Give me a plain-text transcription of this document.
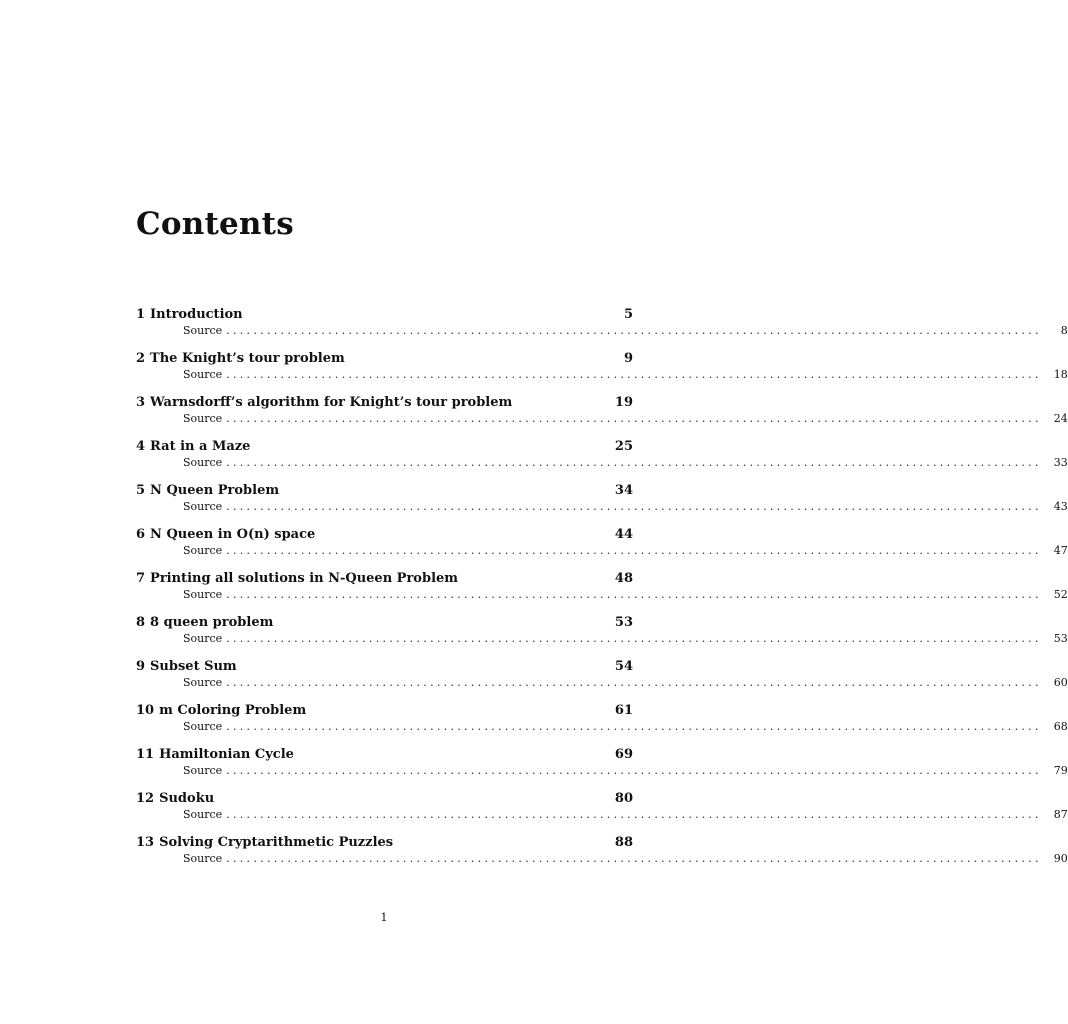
Contents
1 Introduction	5
Source ........................................................................................................................	8
2 The Knight’s tour problem	9
Source ........................................................................................................................	18
3 Warnsdorff’s algorithm for Knight’s tour problem	19
Source ........................................................................................................................	24
4 Rat in a Maze	25
Source ........................................................................................................................	33
5 N Queen Problem	34
Source ........................................................................................................................	43
6 N Queen in O(n) space	44
Source ........................................................................................................................	47
7 Printing all solutions in N-Queen Problem	48
Source ........................................................................................................................	52
8 8 queen problem	53
Source ........................................................................................................................	53
9 Subset Sum	54
Source ........................................................................................................................	60
10 m Coloring Problem	61
Source ........................................................................................................................	68
11 Hamiltonian Cycle	69
Source ........................................................................................................................	79
12 Sudoku	80
Source ........................................................................................................................	87
13 Solving Cryptarithmetic Puzzles	88
Source ........................................................................................................................	90
1
